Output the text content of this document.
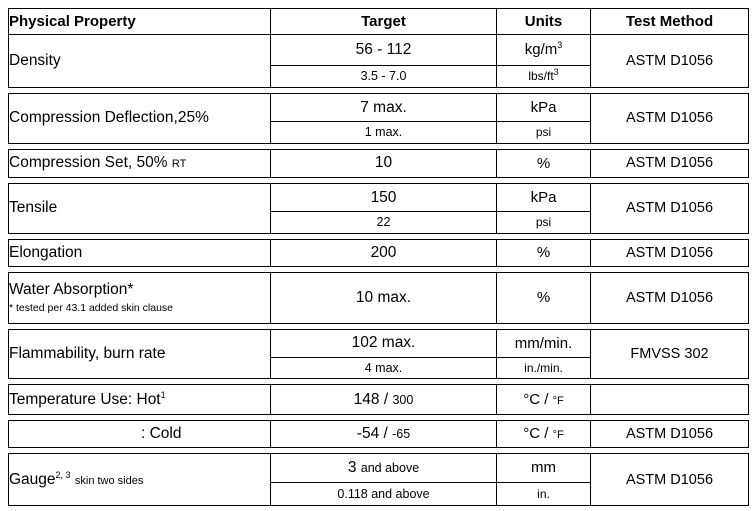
Physical Property	Target	Units	Test Method
Density	56 - 112	$kg/m^3$	ASTM D1056
	3.5 - 7.0	lbs/$ft^3$

Compression Deflection,25%	7 max.	kPa	ASTM D1056
	1 max.	psi	

Compression Set, 50% RT	10	%	ASTM D1056

Tensile	150	kPa	ASTM D1056
	22	psi	

Elongation	200	%	ASTM D1056

Water Absorption*
* tested per 43.1 added skin clause	10 max.	%	ASTM D1056

Flammability, burn rate	102 max.	mm/min.	FMVSS 302
	4 max.	in./min.	

Temperature Use: Hot$^1$	148 / 300	°C / °F	

: Cold	-54 / -65	°C / °F	ASTM D1056

Gauge$^{2, 3}$ skin two sides	3 and above	mm	ASTM D1056
	0.118 and above	in.	
